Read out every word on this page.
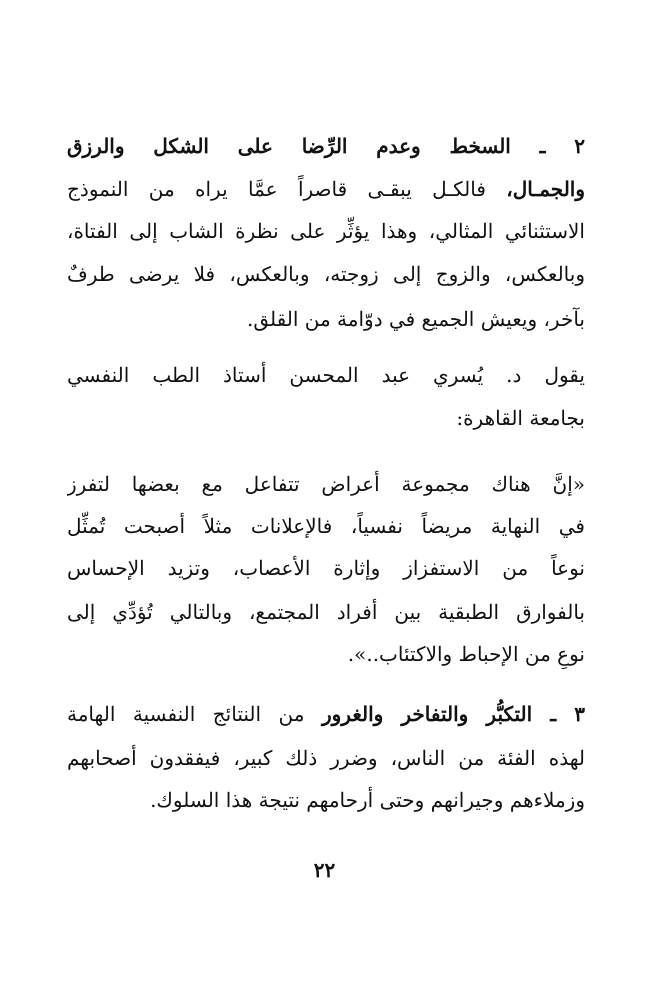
٢ ـ السخط وعدم الرِّضا على الشكل والرزق
والجمـال، فالكـل يبقـى قاصراً عمَّا يراه من النموذج
الاستثنائي المثالي، وهذا يؤثِّر على نظرة الشاب إلى الفتاة،
وبالعكس، والزوج إلى زوجته، وبالعكس، فلا يرضى طرفٌ
بآخر، ويعيش الجميع في دوّامة من القلق.
يقول د. يُسري عبد المحسن أستاذ الطب النفسي
بجامعة القاهرة:
«إنَّ هناك مجموعة أعراض تتفاعل مع بعضها لتفرز
في النهاية مريضاً نفسياً، فالإعلانات مثلاً أصبحت تُمثِّل
نوعاً من الاستفزاز وإثارة الأعصاب، وتزيد الإحساس
بالفوارق الطبقية بين أفراد المجتمع، وبالتالي تُؤدِّي إلى
نوعٍ من الإحباط والاكتئاب..».
٣ ـ التكبُّر والتفاخر والغرور من النتائج النفسية الهامة
لهذه الفئة من الناس، وضرر ذلك كبير، فيفقدون أصحابهم
وزملاءهم وجيرانهم وحتى أرحامهم نتيجة هذا السلوك.
٢٢
